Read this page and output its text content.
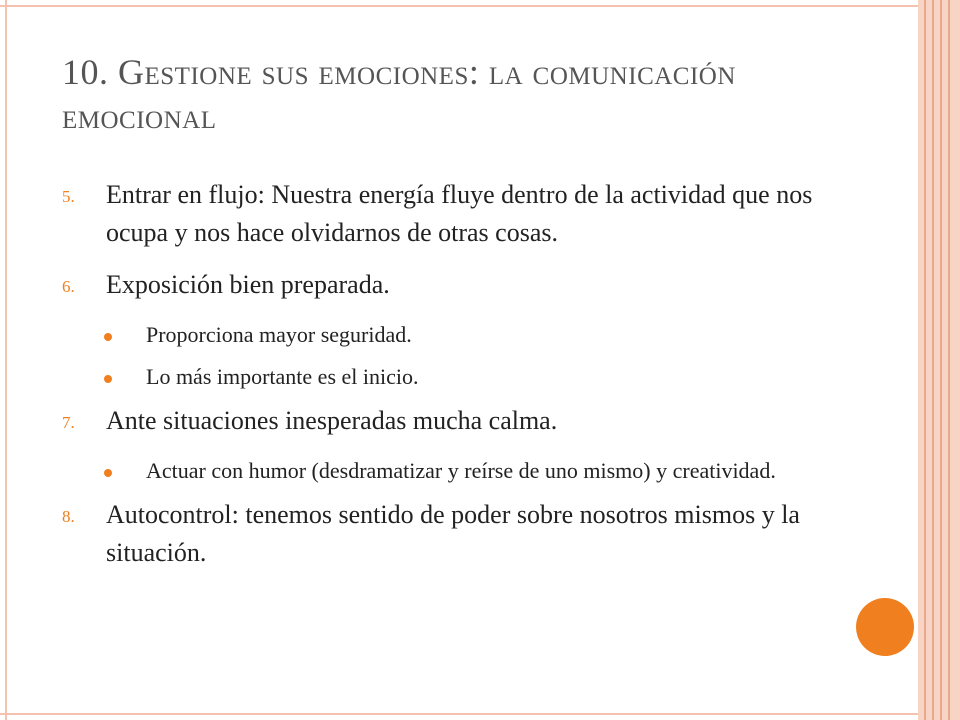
10. Gestione sus emociones: la comunicación emocional
5. Entrar en flujo: Nuestra energía fluye dentro de la actividad que nos ocupa y nos hace olvidarnos de otras cosas.
6. Exposición bien preparada.
Proporciona mayor seguridad.
Lo más importante es el inicio.
7. Ante situaciones inesperadas mucha calma.
Actuar con humor (desdramatizar y reírse de uno mismo) y creatividad.
8. Autocontrol: tenemos sentido de poder sobre nosotros mismos y la situación.
